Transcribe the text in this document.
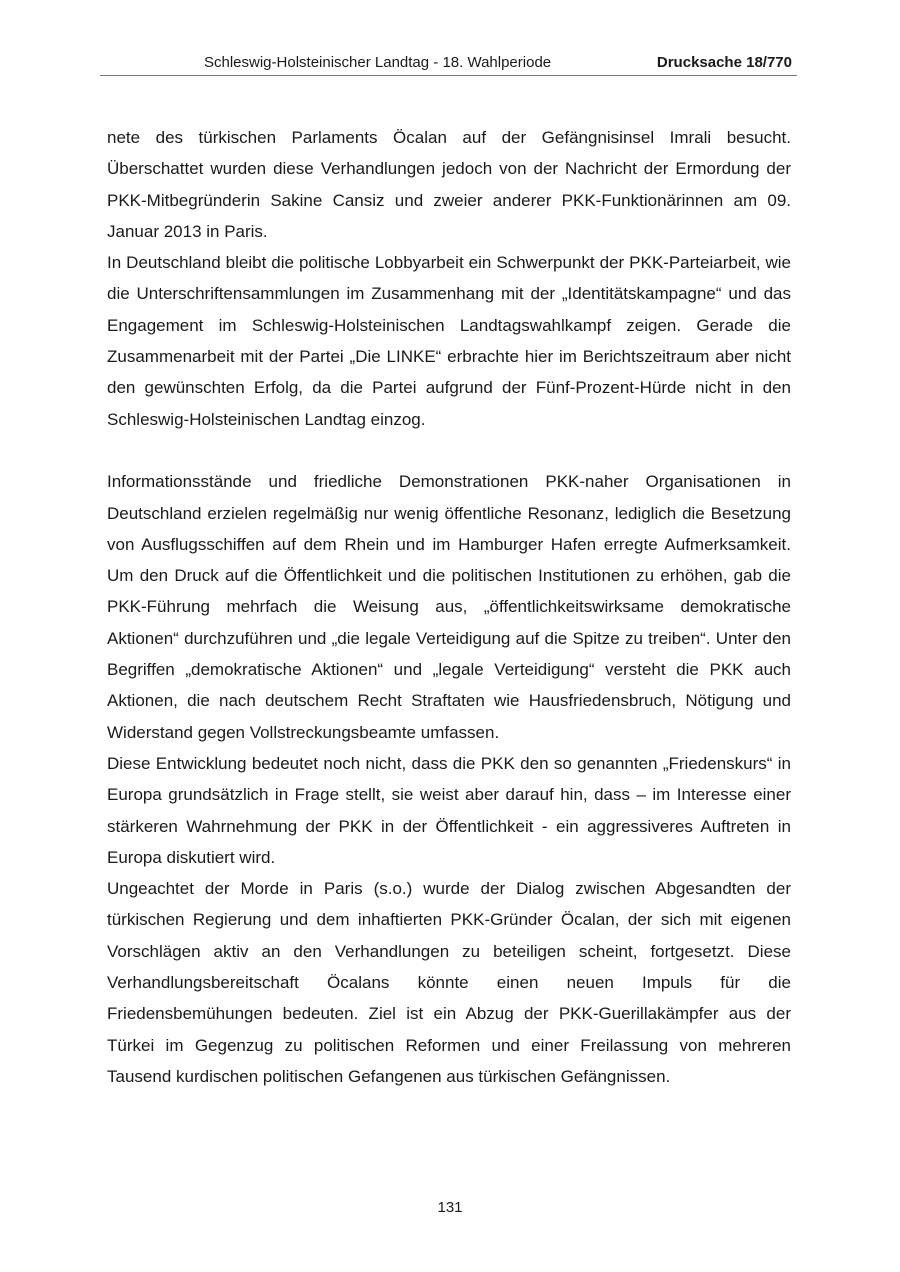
Schleswig-Holsteinischer Landtag - 18. Wahlperiode	Drucksache 18/770

nete des türkischen Parlaments Öcalan auf der Gefängnisinsel Imrali besucht. Überschattet wurden diese Verhandlungen jedoch von der Nachricht der Ermordung der PKK-Mitbegründerin Sakine Cansiz und zweier anderer PKK-Funktionärinnen am 09. Januar 2013 in Paris.

In Deutschland bleibt die politische Lobbyarbeit ein Schwerpunkt der PKK-Parteiarbeit, wie die Unterschriftensammlungen im Zusammenhang mit der „Identitätskampagne“ und das Engagement im Schleswig-Holsteinischen Landtagswahlkampf zeigen. Gerade die Zusammenarbeit mit der Partei „Die LINKE“ erbrachte hier im Berichtszeitraum aber nicht den gewünschten Erfolg, da die Partei aufgrund der Fünf-Prozent-Hürde nicht in den Schleswig-Holsteinischen Landtag einzog.

Informationsstände und friedliche Demonstrationen PKK-naher Organisationen in Deutschland erzielen regelmäßig nur wenig öffentliche Resonanz, lediglich die Besetzung von Ausflugsschiffen auf dem Rhein und im Hamburger Hafen erregte Aufmerksamkeit. Um den Druck auf die Öffentlichkeit und die politischen Institutionen zu erhöhen, gab die PKK-Führung mehrfach die Weisung aus, „öffentlichkeitswirksame demokratische Aktionen“ durchzuführen und „die legale Verteidigung auf die Spitze zu treiben“. Unter den Begriffen „demokratische Aktionen“ und „legale Verteidigung“ versteht die PKK auch Aktionen, die nach deutschem Recht Straftaten wie Hausfriedensbruch, Nötigung und Widerstand gegen Vollstreckungsbeamte umfassen.

Diese Entwicklung bedeutet noch nicht, dass die PKK den so genannten „Friedenskurs“ in Europa grundsätzlich in Frage stellt, sie weist aber darauf hin, dass – im Interesse einer stärkeren Wahrnehmung der PKK in der Öffentlichkeit - ein aggressiveres Auftreten in Europa diskutiert wird.

Ungeachtet der Morde in Paris (s.o.) wurde der Dialog zwischen Abgesandten der türkischen Regierung und dem inhaftierten PKK-Gründer Öcalan, der sich mit eigenen Vorschlägen aktiv an den Verhandlungen zu beteiligen scheint, fortgesetzt. Diese Verhandlungsbereitschaft Öcalans könnte einen neuen Impuls für die Friedensbemühungen bedeuten. Ziel ist ein Abzug der PKK-Guerillakämpfer aus der Türkei im Gegenzug zu politischen Reformen und einer Freilassung von mehreren Tausend kurdischen politischen Gefangenen aus türkischen Gefängnissen.

131
